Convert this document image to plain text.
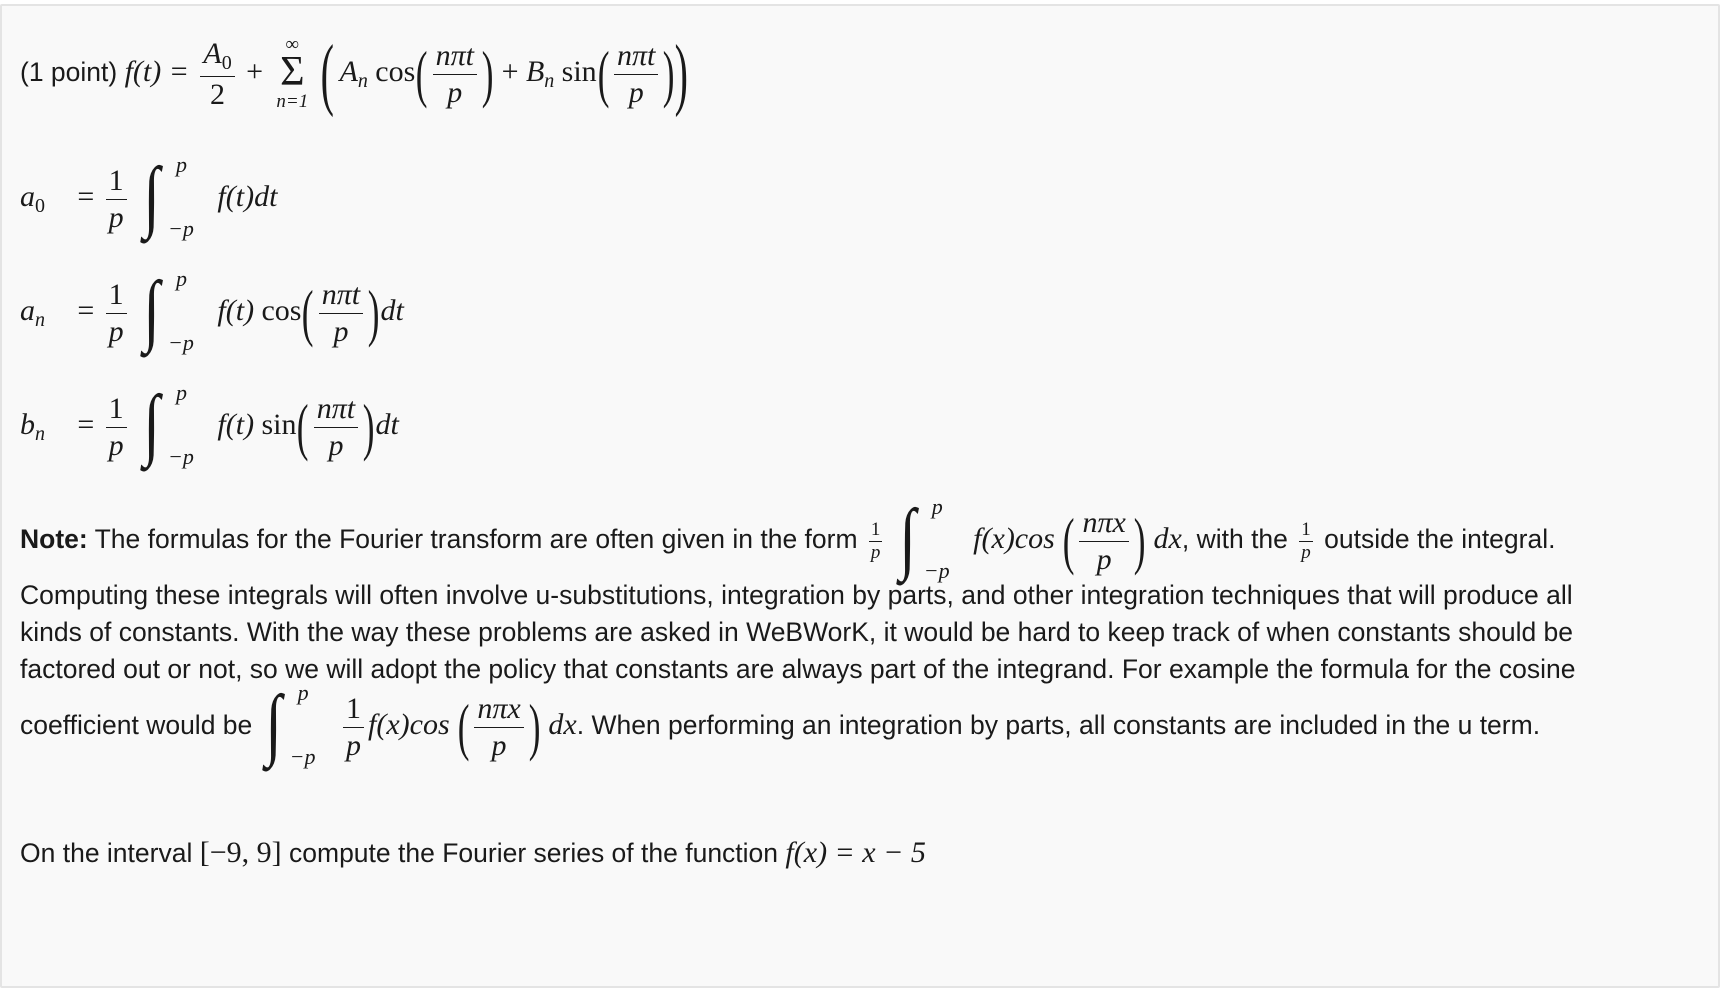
(1 point) $f(t) = \frac{A_0}{2}$ +
∞
Σ
n=1 ( $A_n$ $\cos( \frac{\text{nπt}}{p}$ ) + $B_n$ $\sin( \frac{\text{nπt}}{p}$ ))
$a_0 = \frac{1}{p}$
∫ p
−p
f(t)dt
$a_n = \frac{1}{p}$
∫ p
−p
f(t) $\cos( \frac{\text{nπt}}{p} )dt$
$b_n = \frac{1}{p}$
∫ p
−p
f(t) $\sin( \frac{\text{nπt}}{p} )dt$
Note: The formulas for the Fourier transform are often given in the form $\frac{1}{p}$
∫ p
−p
f(x)cos ( $\frac{\text{nπx}}{p}$ ) dx, with the $\frac{1}{p}$ outside the integral.
Computing these integrals will often involve u-substitutions, integration by parts, and other integration techniques that will produce all
kinds of constants. With the way these problems are asked in WeBWorK, it would be hard to keep track of when constants should be
factored out or not, so we will adopt the policy that constants are always part of the integrand. For example the formula for the cosine
coefficient would be ∫ p
−p
$\frac{1}{p} f(x)\cos$ ( $\frac{\text{nπx}}{p}$ ) dx. When performing an integration by parts, all constants are included in the u term.
On the interval [−9, 9] compute the Fourier series of the function f(x) = x − 5
